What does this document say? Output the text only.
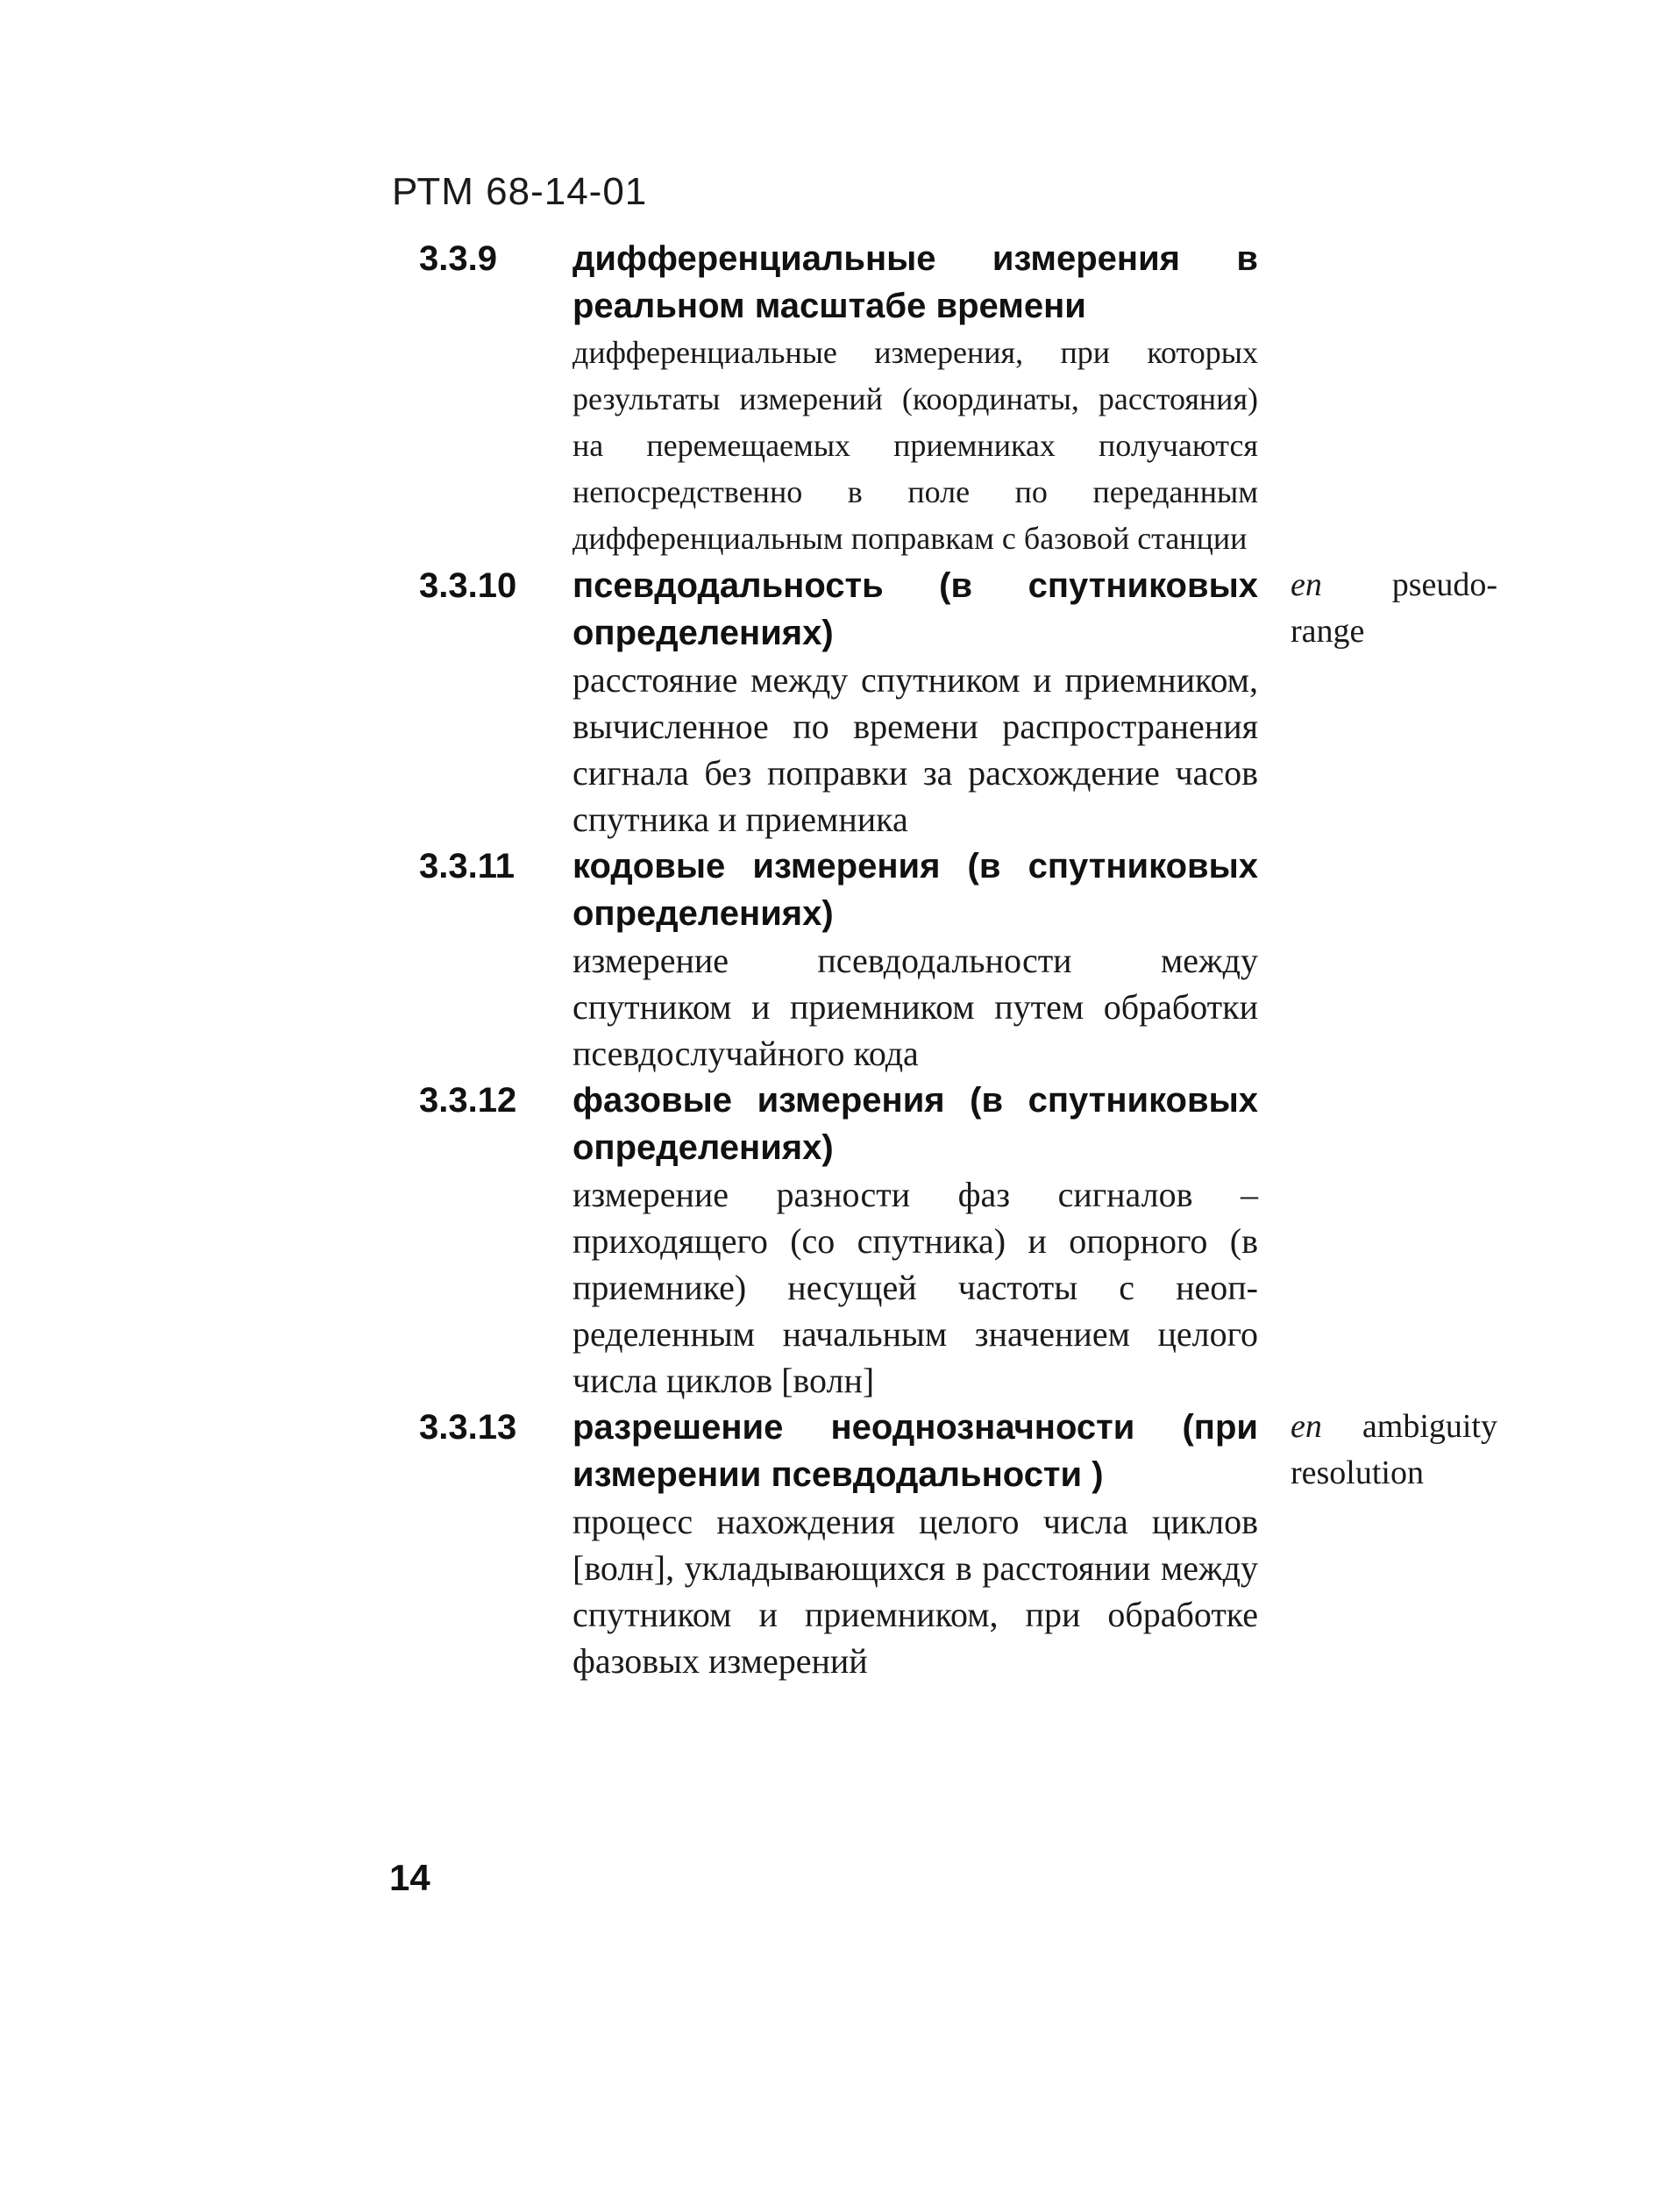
РТМ 68-14-01
3.3.9 дифференциальные измерения в реальном масштабе времени
дифференциальные измерения, при которых результаты измерений (координаты, расстояния) на перемещаемых приемниках получаются непосредственно в поле по переданным дифференциальным поправкам с базовой станции
3.3.10 псевдодальность (в спутниковых определениях)
расстояние между спутником и приемником, вычисленное по времени распространения сигнала без поправки за расхождение часов спутника и приемника
en pseudorange
3.3.11 кодовые измерения (в спутниковых определениях)
измерение псевдодальности между спутником и приемником путем обработки псевдослучайного кода
3.3.12 фазовые измерения (в спутниковых определениях)
измерение разности фаз сигналов – приходящего (со спутника) и опорного (в приемнике) несущей частоты с неопределенным начальным значением целого числа циклов [волн]
3.3.13 разрешение неоднозначности (при измерении псевдодальности )
процесс нахождения целого числа циклов [волн], укладывающихся в расстоянии между спутником и приемником, при обработке фазовых измерений
en ambiguity resolution
14
